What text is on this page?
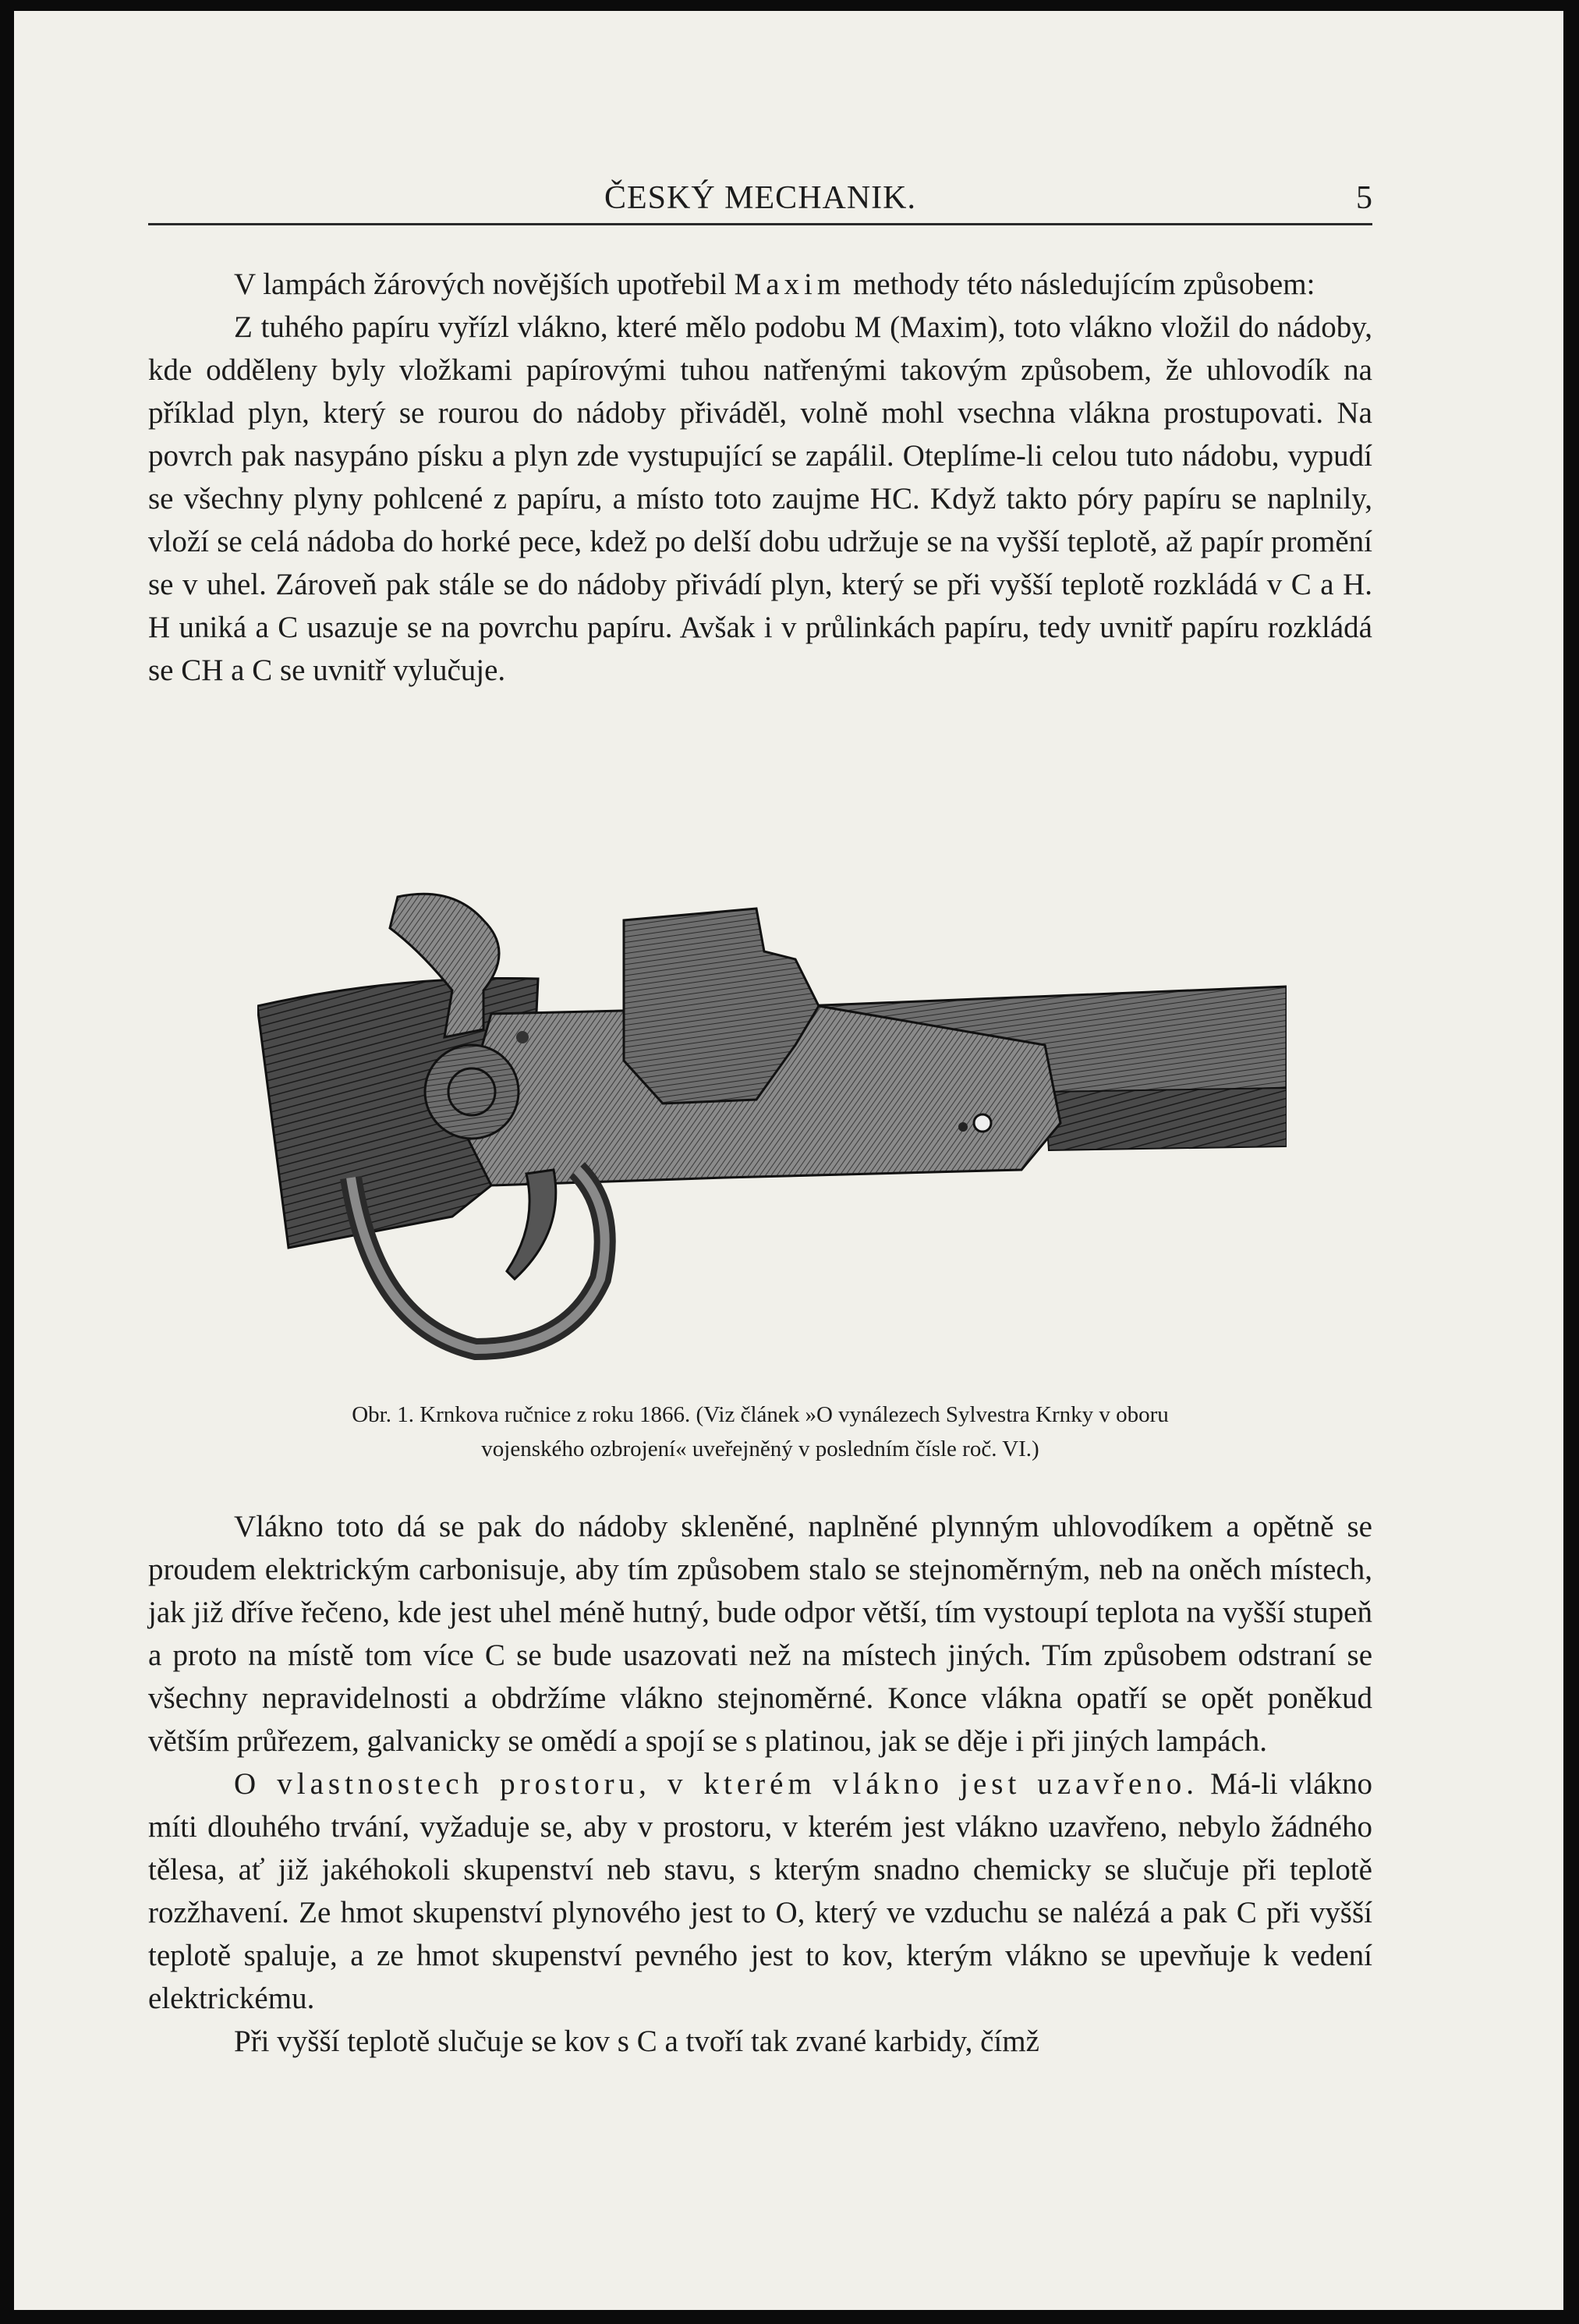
ČESKÝ MECHANIK.	5

V lampách žárových novějších upotřebil Maxim methody této následujícím způsobem:

Z tuhého papíru vyřízl vlákno, které mělo podobu M (Maxim), toto vlákno vložil do nádoby, kde odděleny byly vložkami papírovými tuhou natřenými takovým způsobem, že uhlovodík na příklad plyn, který se rourou do nádoby přiváděl, volně mohl vsechna vlákna prostupovati. Na povrch pak nasypáno písku a plyn zde vystupující se zapálil. Oteplíme-li celou tuto nádobu, vypudí se všechny plyny pohlcené z papíru, a místo toto zaujme HC. Když takto póry papíru se naplnily, vloží se celá nádoba do horké pece, kdež po delší dobu udržuje se na vyšší teplotě, až papír promění se v uhel. Zároveň pak stále se do nádoby přivádí plyn, který se při vyšší teplotě rozkládá v C a H. H uniká a C usazuje se na povrchu papíru. Avšak i v průlinkách papíru, tedy uvnitř papíru rozkládá se CH a C se uvnitř vylučuje.

Obr. 1. Krnkova ručnice z roku 1866. (Viz článek »O vynálezech Sylvestra Krnky v oboru
vojenského ozbrojení« uveřejněný v posledním čísle roč. VI.)

Vlákno toto dá se pak do nádoby skleněné, naplněné plynným uhlovodíkem a opětně se proudem elektrickým carbonisuje, aby tím způsobem stalo se stejnoměrným, neb na oněch místech, jak již dříve řečeno, kde jest uhel méně hutný, bude odpor větší, tím vystoupí teplota na vyšší stupeň a proto na místě tom více C se bude usazovati než na místech jiných. Tím způsobem odstraní se všechny nepravidelnosti a obdržíme vlákno stejnoměrné. Konce vlákna opatří se opět poněkud větším průřezem, galvanicky se omědí a spojí se s platinou, jak se děje i při jiných lampách.

O vlastnostech prostoru, v kterém vlákno jest uzavřeno. Má-li vlákno míti dlouhého trvání, vyžaduje se, aby v prostoru, v kterém jest vlákno uzavřeno, nebylo žádného tělesa, ať již jakéhokoli skupenství neb stavu, s kterým snadno chemicky se slučuje při teplotě rozžhavení. Ze hmot skupenství plynového jest to O, který ve vzduchu se nalézá a pak C při vyšší teplotě spaluje, a ze hmot skupenství pevného jest to kov, kterým vlákno se upevňuje k vedení elektrickému.

Při vyšší teplotě slučuje se kov s C a tvoří tak zvané karbidy, čímž
